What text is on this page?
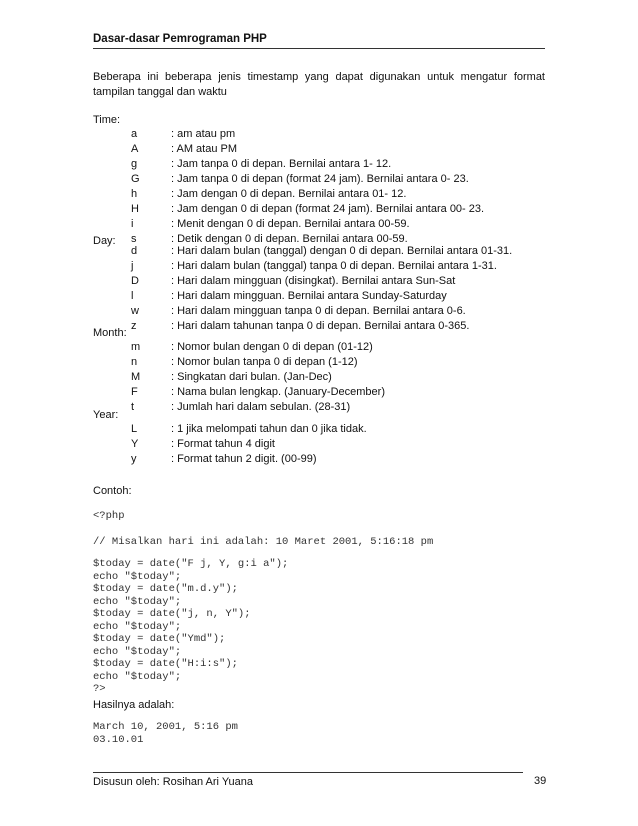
Dasar-dasar Pemrograman PHP
Beberapa ini beberapa jenis timestamp yang dapat digunakan untuk mengatur format tampilan tanggal dan waktu
Time:
a	: am atau pm
A	: AM atau PM
g	: Jam tanpa 0 di depan. Bernilai antara 1- 12.
G	: Jam tanpa 0 di depan (format 24 jam). Bernilai antara 0- 23.
h	: Jam dengan 0 di depan. Bernilai antara 01- 12.
H	: Jam dengan 0 di depan (format 24 jam). Bernilai antara 00- 23.
i	: Menit dengan 0 di depan. Bernilai antara 00-59.
s	: Detik dengan 0 di depan. Bernilai antara 00-59.
Day:
d	: Hari dalam bulan (tanggal) dengan 0 di depan. Bernilai antara 01-31.
j	: Hari dalam bulan (tanggal) tanpa 0 di depan. Bernilai antara 1-31.
D	: Hari dalam mingguan (disingkat). Bernilai antara Sun-Sat
l	: Hari dalam mingguan. Bernilai antara Sunday-Saturday
w	: Hari dalam mingguan tanpa 0 di depan. Bernilai antara 0-6.
z	: Hari dalam tahunan tanpa 0 di depan. Bernilai antara 0-365.
Month:
m	: Nomor bulan dengan 0 di depan (01-12)
n	: Nomor bulan tanpa 0 di depan (1-12)
M	: Singkatan dari bulan. (Jan-Dec)
F	: Nama bulan lengkap. (January-December)
t	: Jumlah hari dalam sebulan. (28-31)
Year:
L	: 1 jika melompati tahun dan 0 jika tidak.
Y	: Format tahun 4 digit
y	: Format tahun 2 digit. (00-99)
Contoh:
<?php
// Misalkan hari ini adalah: 10 Maret 2001, 5:16:18 pm
$today = date("F j, Y, g:i a");
echo "$today";
$today = date("m.d.y");
echo "$today";
$today = date("j, n, Y");
echo "$today";
$today = date("Ymd");
echo "$today";
$today = date("H:i:s");
echo "$today";
?>
Hasilnya adalah:
March 10, 2001, 5:16 pm
03.10.01
Disusun oleh: Rosihan Ari Yuana	39
